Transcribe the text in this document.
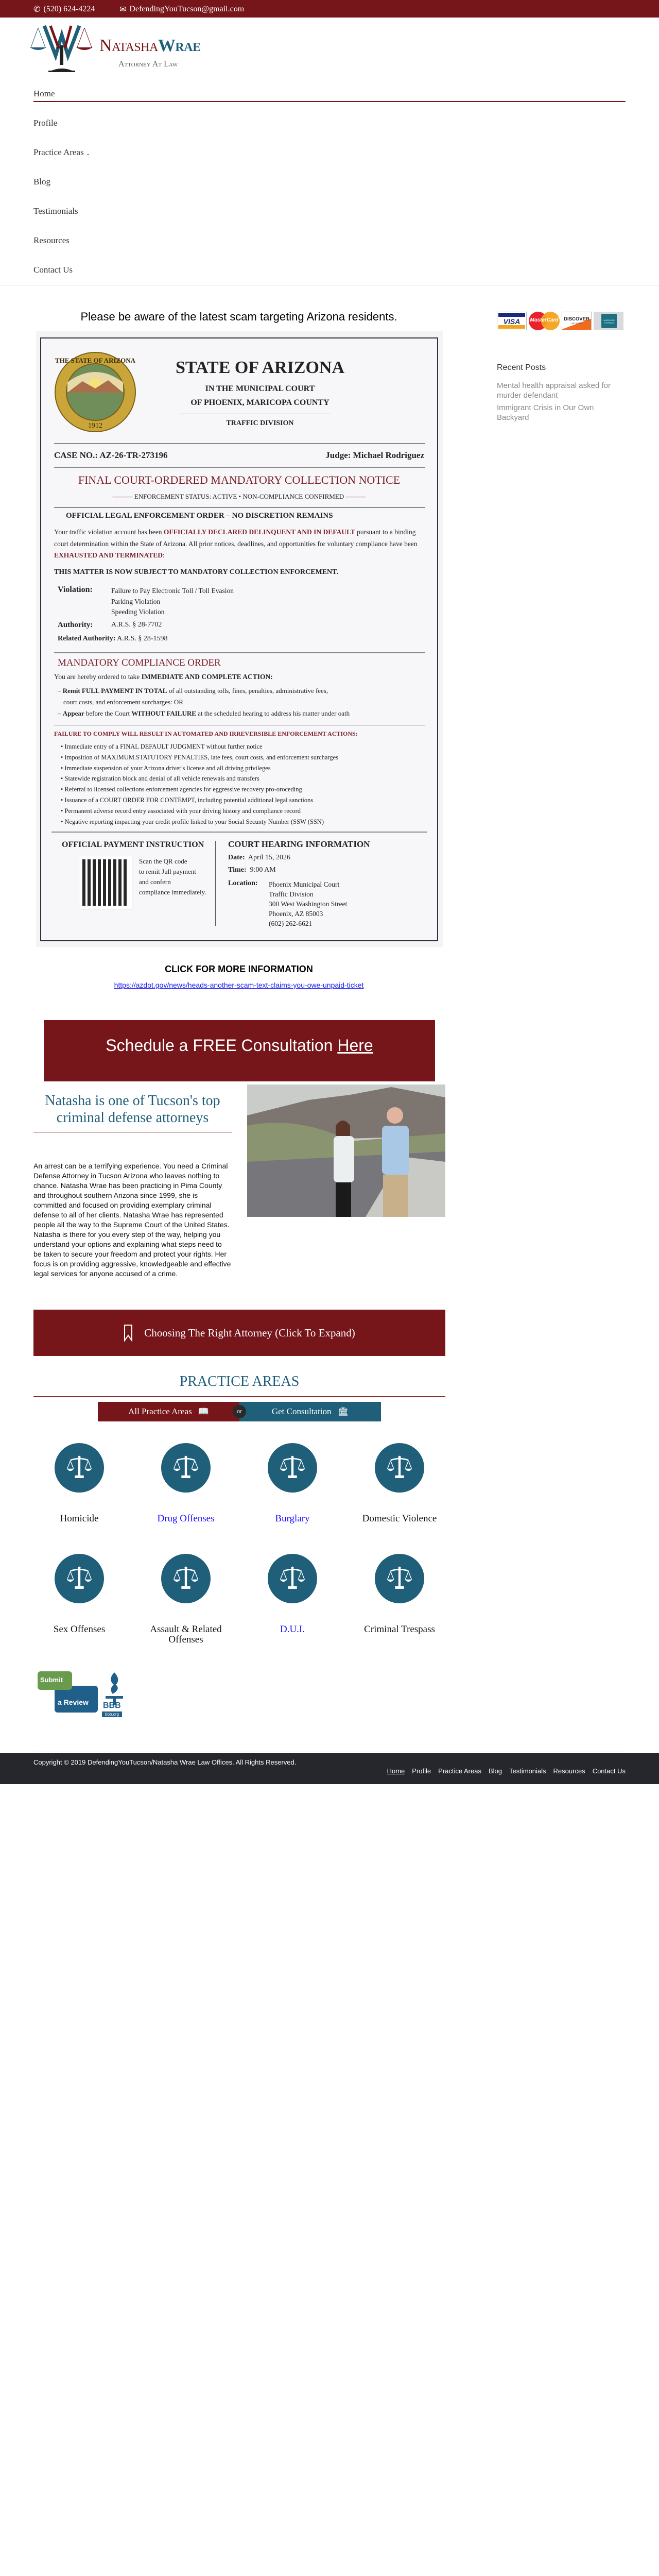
✆ (520) 624-4224	✉ DefendingYouTucson@gmail.com
NatashaWrae
Attorney At Law
Home
Profile
Practice Areas ⌄
Blog
Testimonials
Resources
Contact Us
Please be aware of the latest scam targeting Arizona residents.
THE STATE OF ARIZONA
1912
STATE OF ARIZONA
IN THE MUNICIPAL COURT
OF PHOENIX, MARICOPA COUNTY
TRAFFIC DIVISION
CASE NO.: AZ-26-TR-273196	Judge: Michael Rodriguez
FINAL COURT-ORDERED MANDATORY COLLECTION NOTICE
——— ENFORCEMENT STATUS: ACTIVE • NON-COMPLIANCE CONFIRMED ———
OFFICIAL LEGAL ENFORCEMENT ORDER – NO DISCRETION REMAINS
Your traffic violation account has been OFFICIALLY DECLARED DELINQUENT AND IN DEFAULT pursuant to a binding court determination within the State of Arizona. All prior notices, deadlines, and opportunities for voluntary compliance have been EXHAUSTED AND TERMINATED:
THIS MATTER IS NOW SUBJECT TO MANDATORY COLLECTION ENFORCEMENT.
Violation:	Failure to Pay Electronic Toll / Toll Evasion
Parking Violation
Speeding Violation
Authority:	A.R.S. § 28-7702
Related Authority: A.R.S. § 28-1598
MANDATORY COMPLIANCE ORDER
You are hereby ordered to take IMMEDIATE AND COMPLETE ACTION:
– Remit FULL PAYMENT IN TOTAL of all outstanding tolls, fines, penalties, administrative fees,
court costs, and enforcement surcharges: OR
– Appear before the Court WITHOUT FAILURE at the scheduled hearing to address his matter under oath
FAILURE TO COMPLY WILL RESULT IN AUTOMATED AND IRREVERSIBLE ENFORCEMENT ACTIONS:
• Immediate entry of a FINAL DEFAULT JUDGMENT without further notice
• Imposition of MAXIMUM.STATUTORY PENALTIES, late fees, court costs, and enforcement surcharges
• Immediate suspension of your Arizona driver's license and all driving privileges
• Statewide registration block and denial of all vehicle renewals and transfers
• Referral to licensed collections enforcement agencies for eggressive recovery pro-oroceding
• Issuance of a COURT ORDER FOR CONTEMPT, including potential additional legal sanctions
• Permanent adverse record entry associated with your driving history and compliance record
• Negative reporting impacting your credit profile linked to your Social Secunty Number (SSW (SSN)
OFFICIAL PAYMENT INSTRUCTION
Scan the QR code
to remit Jull payment
and confern
compliance immediately.
COURT HEARING INFORMATION
Date: April 15, 2026
Time: 9:00 AM
Location: Phoenix Municipal Court
Traffic Division
300 West Washington Street
Phoenix, AZ 85003
(602) 262-6621
VISA	MasterCard	DISCOVER
NETWORK
AMERICAN EXPRESS
Recent Posts
Mental health appraisal asked for murder defendant
Immigrant Crisis in Our Own Backyard
CLICK FOR MORE INFORMATION
https://azdot.gov/news/heads-another-scam-text-claims-you-owe-unpaid-ticket
Schedule a FREE Consultation Here
Natasha is one of Tucson's top criminal defense attorneys

An arrest can be a terrifying experience. You need a Criminal Defense Attorney in Tucson Arizona who leaves nothing to chance. Natasha Wrae has been practicing in Pima County and throughout southern Arizona since 1999, she is committed and focused on providing exemplary criminal defense to all of her clients. Natasha Wrae has represented people all the way to the Supreme Court of the United States. Natasha is there for you every step of the way, helping you understand your options and explaining what steps need to be taken to secure your freedom and protect your rights. Her focus is on providing aggressive, knowledgeable and effective legal services for anyone accused of a crime.

Choosing The Right Attorney (Click To Expand)
PRACTICE AREAS
All Practice Areas 📖	Get Consultation 🏛
or
Homicide	Drug Offenses	Burglary	Domestic Violence
Sex Offenses	Assault & Related Offenses
D.U.I.	Criminal Trespass
a Review
Submit
BBB
bbb.org
Copyright © 2019 DefendingYouTucson/Natasha Wrae Law Offices. All Rights Reserved.
Home Profile Practice Areas Blog Testimonials Resources Contact Us
